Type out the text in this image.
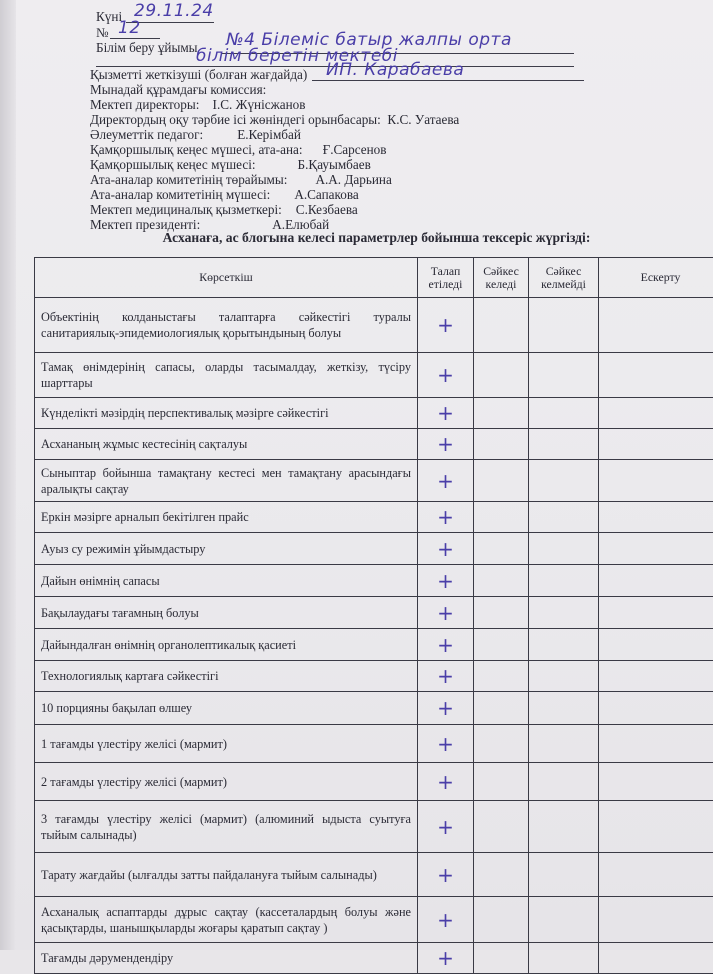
Күні 29.11.24
№ 12
Білім беру ұйымы №4 Білеміс батыр жалпы орта
білім беретін мектебі
Қызметті жеткізуші (болған жағдайда) ИП. Карабаева
Мынадай құрамдағы комиссия:
Мектеп директоры: І.С. Жүнісжанов
Директордың оқу тәрбие ісі жөніндегі орынбасары: К.С. Уатаева
Әлеуметтік педагог:	Е.Керімбай
Қамқоршылық кеңес мүшесі, ата-ана: Ғ.Сарсенов
Қамқоршылық кеңес мүшесі:	Б.Қауымбаев
Ата-аналар комитетінің төрайымы: А.А. Дарьина
Ата-аналар комитетінің мүшесі: А.Сапакова
Мектеп медициналық қызметкері: С.Кезбаева
Мектеп президенті:	А.Елюбай
Асханаға, ас блогына келесі параметрлер бойынша тексеріс жүргізді:
Көрсеткіш	Талап етіледі	Сәйкес келеді	Сәйкес келмейді	Ескерту
Объектінің колданыстағы талаптарға сәйкестігі туралы санитариялық-эпидемиологиялық қорытындының болуы	+			
Тамақ өнімдерінің сапасы, оларды тасымалдау, жеткізу, түсіру шарттары	+			
Күнделікті мәзірдің перспективалық мәзірге сәйкестігі	+			
Асхананың жұмыс кестесінің сақталуы	+			
Сыныптар бойынша тамақтану кестесі мен тамақтану арасындағы аралықты сақтау	+			
Еркін мәзірге арналып бекітілген прайс	+			
Ауыз су режимін ұйымдастыру	+			
Дайын өнімнің сапасы	+			
Бақылаудағы тағамның болуы	+			
Дайындалған өнімнің органолептикалық қасиеті	+			
Технологиялық картаға сәйкестігі	+			
10 порцияны бақылап өлшеу	+			
1 тағамды үлестіру желісі (мармит)	+			
2 тағамды үлестіру желісі (мармит)	+			
3 тағамды үлестіру желісі (мармит) (алюминий ыдыста суытуға тыйым салынады)	+			
Тарату жағдайы (ылғалды затты пайдалануға тыйым салынады)	+			
Асханалық аспаптарды дұрыс сақтау (кассеталардың болуы және қасықтарды, шанышқыларды жоғары қаратып сақтау )	+			
Тағамды дәрумендендіру	+			
